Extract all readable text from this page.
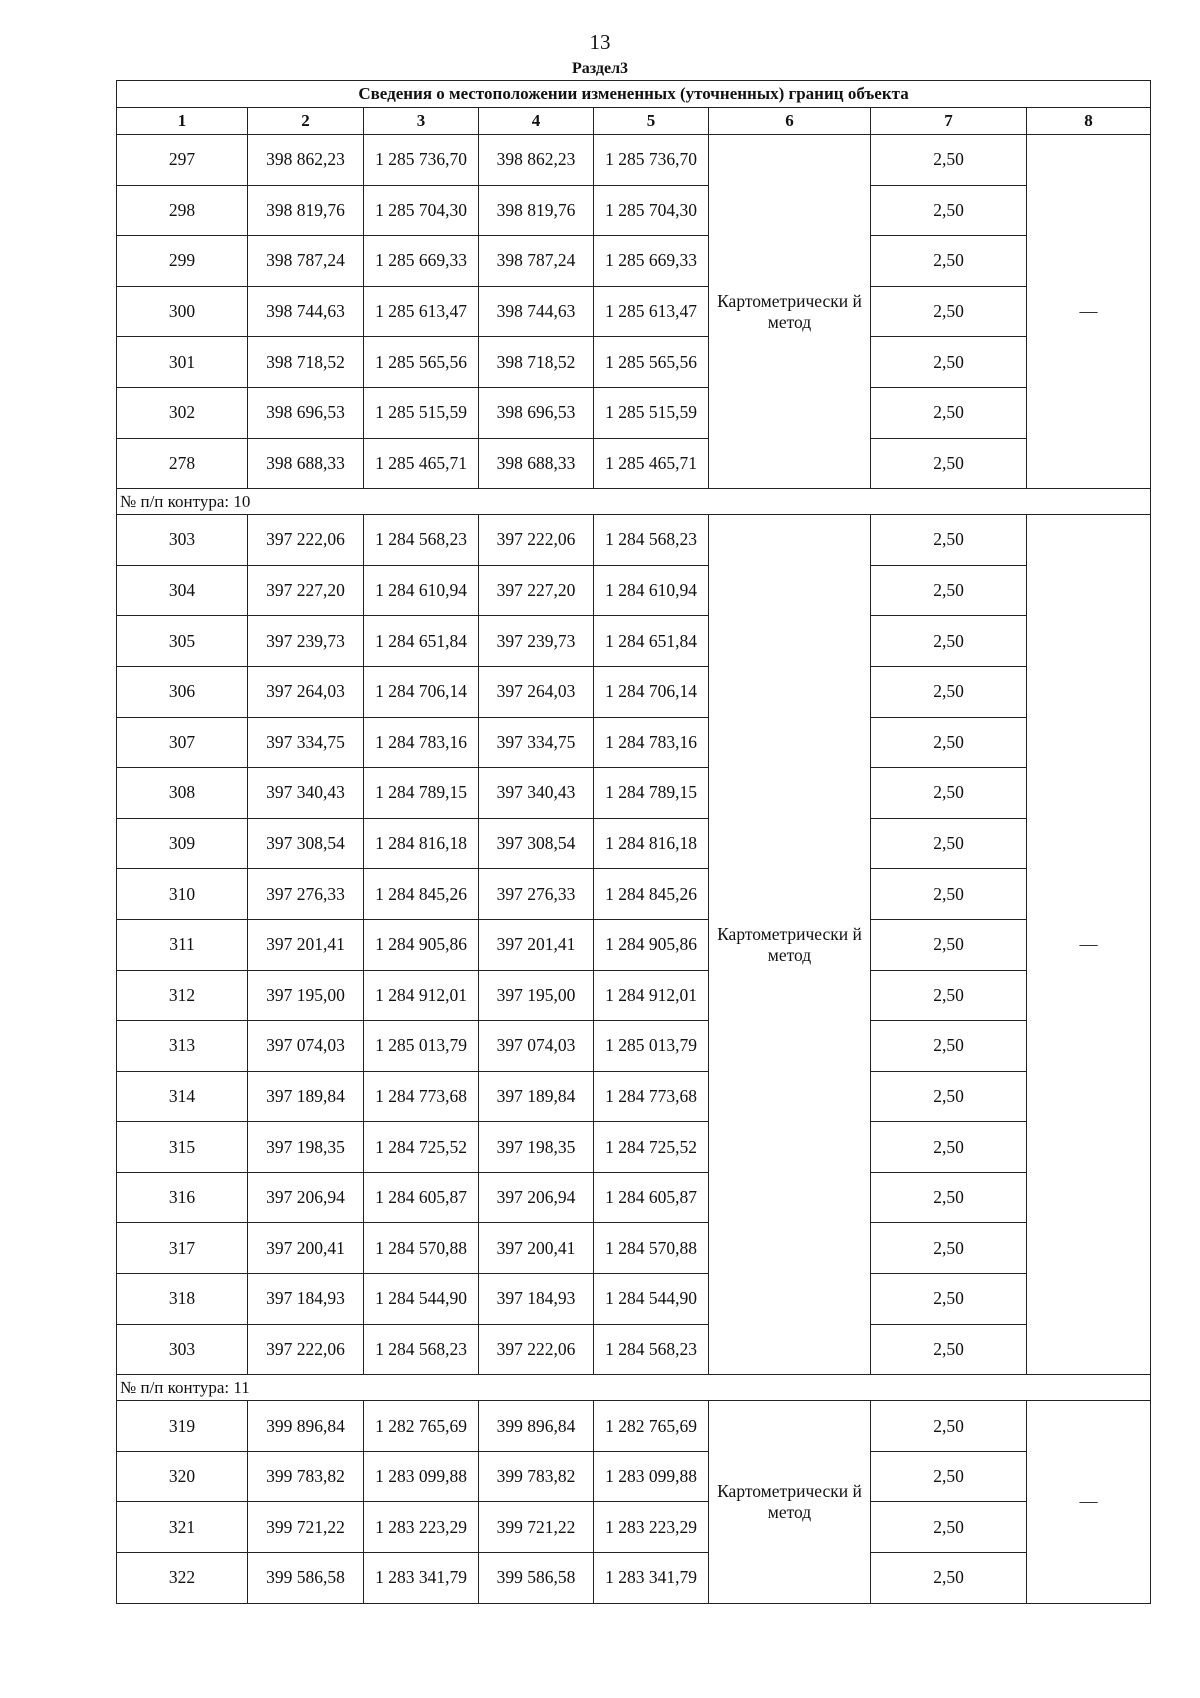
13
Раздел3
Сведения о местоположении измененных (уточненных) границ объекта							
1	2	3	4	5	6	7	8
297	398 862,23	1 285 736,70	398 862,23	1 285 736,70	Картометрически й метод	2,50	—
298	398 819,76	1 285 704,30	398 819,76	1 285 704,30		2,50	
299	398 787,24	1 285 669,33	398 787,24	1 285 669,33		2,50	
300	398 744,63	1 285 613,47	398 744,63	1 285 613,47		2,50	
301	398 718,52	1 285 565,56	398 718,52	1 285 565,56		2,50	
302	398 696,53	1 285 515,59	398 696,53	1 285 515,59		2,50	
278	398 688,33	1 285 465,71	398 688,33	1 285 465,71		2,50	
№ п/п контура: 10							
303	397 222,06	1 284 568,23	397 222,06	1 284 568,23	Картометрически й метод	2,50	—
304	397 227,20	1 284 610,94	397 227,20	1 284 610,94		2,50	
305	397 239,73	1 284 651,84	397 239,73	1 284 651,84		2,50	
306	397 264,03	1 284 706,14	397 264,03	1 284 706,14		2,50	
307	397 334,75	1 284 783,16	397 334,75	1 284 783,16		2,50	
308	397 340,43	1 284 789,15	397 340,43	1 284 789,15		2,50	
309	397 308,54	1 284 816,18	397 308,54	1 284 816,18		2,50	
310	397 276,33	1 284 845,26	397 276,33	1 284 845,26		2,50	
311	397 201,41	1 284 905,86	397 201,41	1 284 905,86		2,50	
312	397 195,00	1 284 912,01	397 195,00	1 284 912,01		2,50	
313	397 074,03	1 285 013,79	397 074,03	1 285 013,79		2,50	
314	397 189,84	1 284 773,68	397 189,84	1 284 773,68		2,50	
315	397 198,35	1 284 725,52	397 198,35	1 284 725,52		2,50	
316	397 206,94	1 284 605,87	397 206,94	1 284 605,87		2,50	
317	397 200,41	1 284 570,88	397 200,41	1 284 570,88		2,50	
318	397 184,93	1 284 544,90	397 184,93	1 284 544,90		2,50	
303	397 222,06	1 284 568,23	397 222,06	1 284 568,23		2,50	
№ п/п контура: 11							
319	399 896,84	1 282 765,69	399 896,84	1 282 765,69	Картометрически й метод	2,50	—
320	399 783,82	1 283 099,88	399 783,82	1 283 099,88		2,50	
321	399 721,22	1 283 223,29	399 721,22	1 283 223,29		2,50	
322	399 586,58	1 283 341,79	399 586,58	1 283 341,79		2,50	
